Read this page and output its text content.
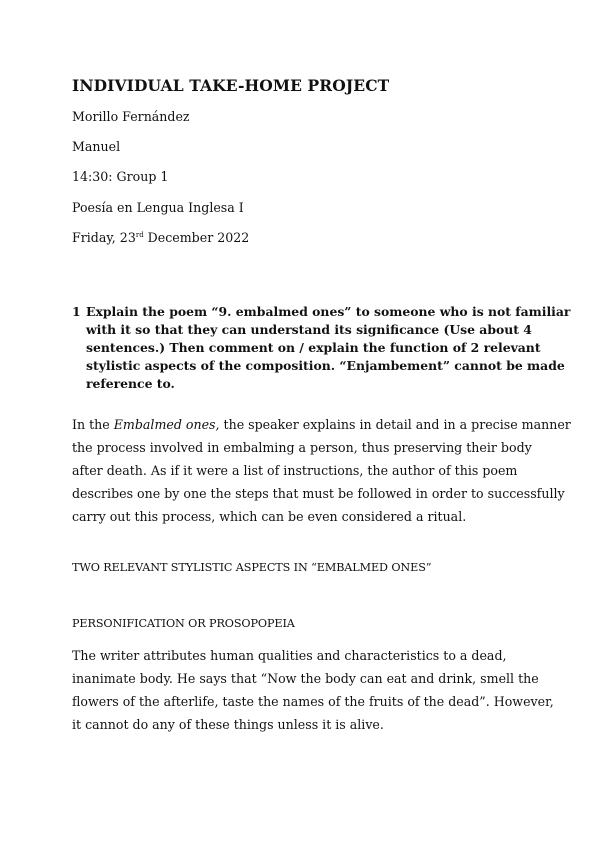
INDIVIDUAL TAKE-HOME PROJECT
Morillo Fernández
Manuel
14:30: Group 1
Poesía en Lengua Inglesa I
Friday, 23rd December 2022
1 Explain the poem “9. embalmed ones” to someone who is not familiar
with it so that they can understand its significance (Use about 4
sentences.) Then comment on / explain the function of 2 relevant
stylistic aspects of the composition. “Enjambement” cannot be made
reference to.
In the Embalmed ones, the speaker explains in detail and in a precise manner
the process involved in embalming a person, thus preserving their body
after death. As if it were a list of instructions, the author of this poem
describes one by one the steps that must be followed in order to successfully
carry out this process, which can be even considered a ritual.
TWO RELEVANT STYLISTIC ASPECTS IN “EMBALMED ONES”
PERSONIFICATION OR PROSOPOPEIA
The writer attributes human qualities and characteristics to a dead,
inanimate body. He says that “Now the body can eat and drink, smell the
flowers of the afterlife, taste the names of the fruits of the dead”. However,
it cannot do any of these things unless it is alive.
